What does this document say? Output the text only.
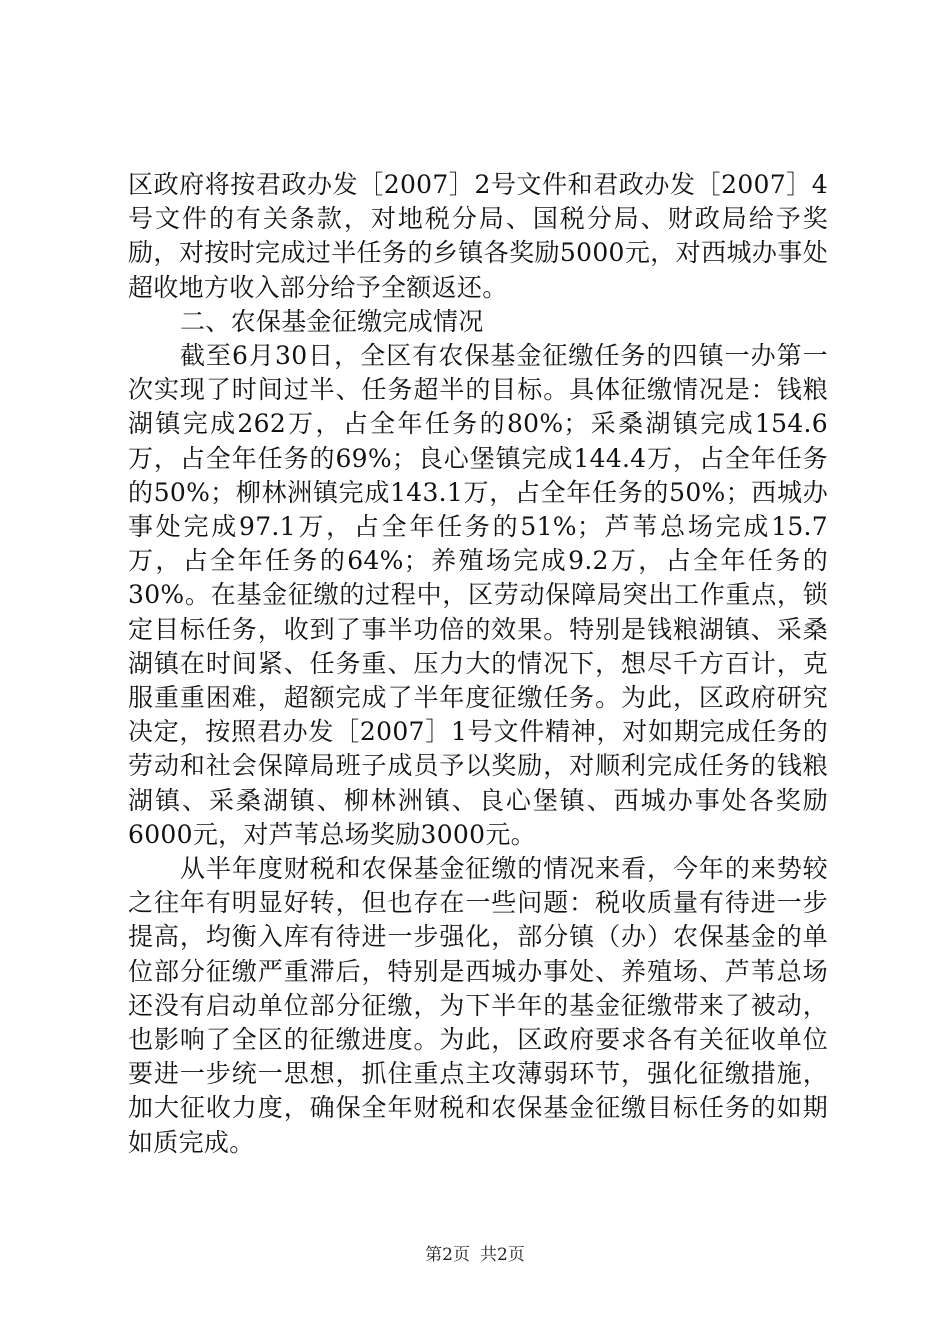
区政府将按君政办发［2007］2号文件和君政办发［2007］4号文件的有关条款，对地税分局、国税分局、财政局给予奖励，对按时完成过半任务的乡镇各奖励5000元，对西城办事处超收地方收入部分给予全额返还。

二、农保基金征缴完成情况

截至6月30日，全区有农保基金征缴任务的四镇一办第一次实现了时间过半、任务超半的目标。具体征缴情况是：钱粮湖镇完成262万，占全年任务的80%；采桑湖镇完成154.6万，占全年任务的69%；良心堡镇完成144.4万，占全年任务的50%；柳林洲镇完成143.1万，占全年任务的50%；西城办事处完成97.1万，占全年任务的51%；芦苇总场完成15.7万，占全年任务的64%；养殖场完成9.2万，占全年任务的30%。在基金征缴的过程中，区劳动保障局突出工作重点，锁定目标任务，收到了事半功倍的效果。特别是钱粮湖镇、采桑湖镇在时间紧、任务重、压力大的情况下，想尽千方百计，克服重重困难，超额完成了半年度征缴任务。为此，区政府研究决定，按照君办发［2007］1号文件精神，对如期完成任务的劳动和社会保障局班子成员予以奖励，对顺利完成任务的钱粮湖镇、采桑湖镇、柳林洲镇、良心堡镇、西城办事处各奖励6000元，对芦苇总场奖励3000元。

从半年度财税和农保基金征缴的情况来看，今年的来势较之往年有明显好转，但也存在一些问题：税收质量有待进一步提高，均衡入库有待进一步强化，部分镇（办）农保基金的单位部分征缴严重滞后，特别是西城办事处、养殖场、芦苇总场还没有启动单位部分征缴，为下半年的基金征缴带来了被动，也影响了全区的征缴进度。为此，区政府要求各有关征收单位要进一步统一思想，抓住重点主攻薄弱环节，强化征缴措施，加大征收力度，确保全年财税和农保基金征缴目标任务的如期如质完成。

第2页 共2页
